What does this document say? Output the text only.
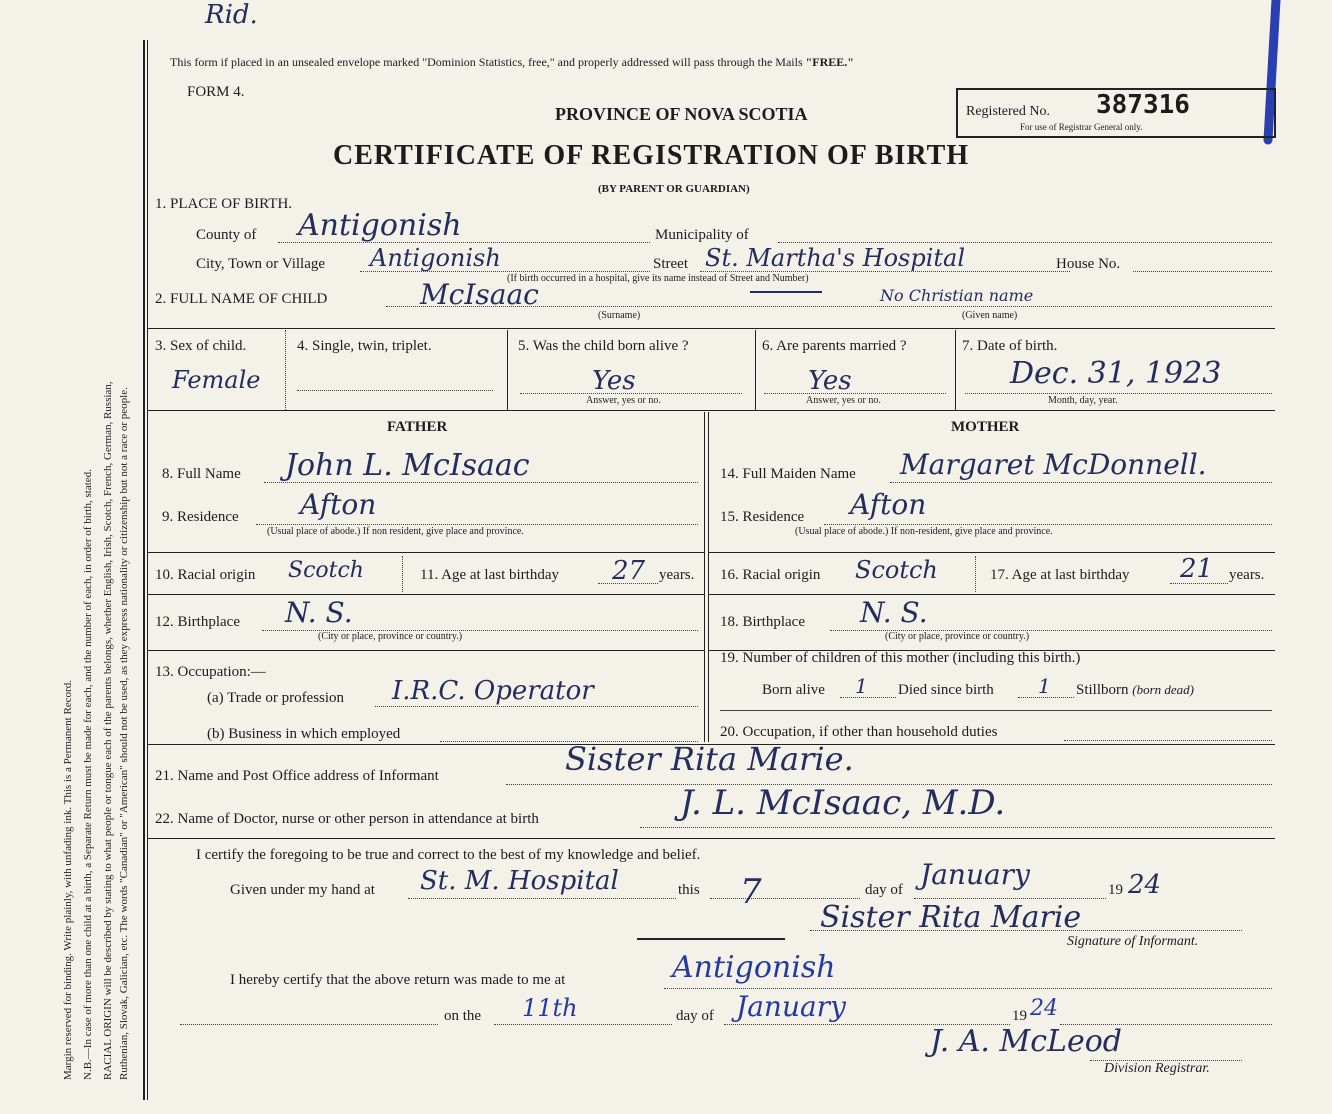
Margin reserved for binding. Write plainly, with unfading ink. This is a Permanent Record. N.B.—In case of more than one child at a birth, a Separate Return must be made for each, and the number of each, in order of birth, stated. RACIAL ORIGIN will be described by stating to what people or tongue each of the parents belongs, whether English, Irish, Scotch, French, German, Russian, Ruthenian, Slovak, Galician, etc. The words "Canadian" or "American" should not be used, as they express nationality or citizenship but not a race or people.
Rid.
This form if placed in an unsealed envelope marked "Dominion Statistics, free," and properly addressed will pass through the Mails "FREE."
FORM 4.
PROVINCE OF NOVA SCOTIA
CERTIFICATE OF REGISTRATION OF BIRTH
(BY PARENT OR GUARDIAN)
Registered No. 387316
For use of Registrar General only.
1. PLACE OF BIRTH.
County of Antigonish	Municipality of
City, Town or Village Antigonish	Street St. Martha's Hospital	House No.
(If birth occurred in a hospital, give its name instead of Street and Number)
2. FULL NAME OF CHILD	McIsaac	No Christian name
(Surname)	(Given name)
3. Sex of child.
Female
4. Single, twin, triplet.	5. Was the child born alive ?
Yes
Answer, yes or no.
6. Are parents married ?
Yes
Answer, yes or no.
7. Date of birth.
Dec. 31, 1923
Month, day, year.
FATHER	MOTHER
8. Full Name John L. McIsaac
9. Residence Afton
(Usual place of abode.) If non resident, give place and province.
10. Racial origin Scotch	11. Age at last birthday 27 years.
12. Birthplace N. S.
(City or place, province or country.)
13. Occupation:—
(a) Trade or profession I.R.C. Operator
(b) Business in which employed
14. Full Maiden Name Margaret McDonnell.
15. Residence Afton
(Usual place of abode.) If non-resident, give place and province.
16. Racial origin Scotch	17. Age at last birthday 21 years.
18. Birthplace N. S.
(City or place, province or country.)
19. Number of children of this mother (including this birth.)
Born alive 1 Died since birth 1 Stillborn (born dead)
20. Occupation, if other than household duties
21. Name and Post Office address of Informant	Sister Rita Marie.
22. Name of Doctor, nurse or other person in attendance at birth	J. L. McIsaac, M.D.
I certify the foregoing to be true and correct to the best of my knowledge and belief.
Given under my hand at St. M. Hospital	this 7	day of January	19 24
Sister Rita Marie
Signature of Informant.
I hereby certify that the above return was made to me at	Antigonish
on the 11th	day of January	19 24
J. A. McLeod
Division Registrar.
